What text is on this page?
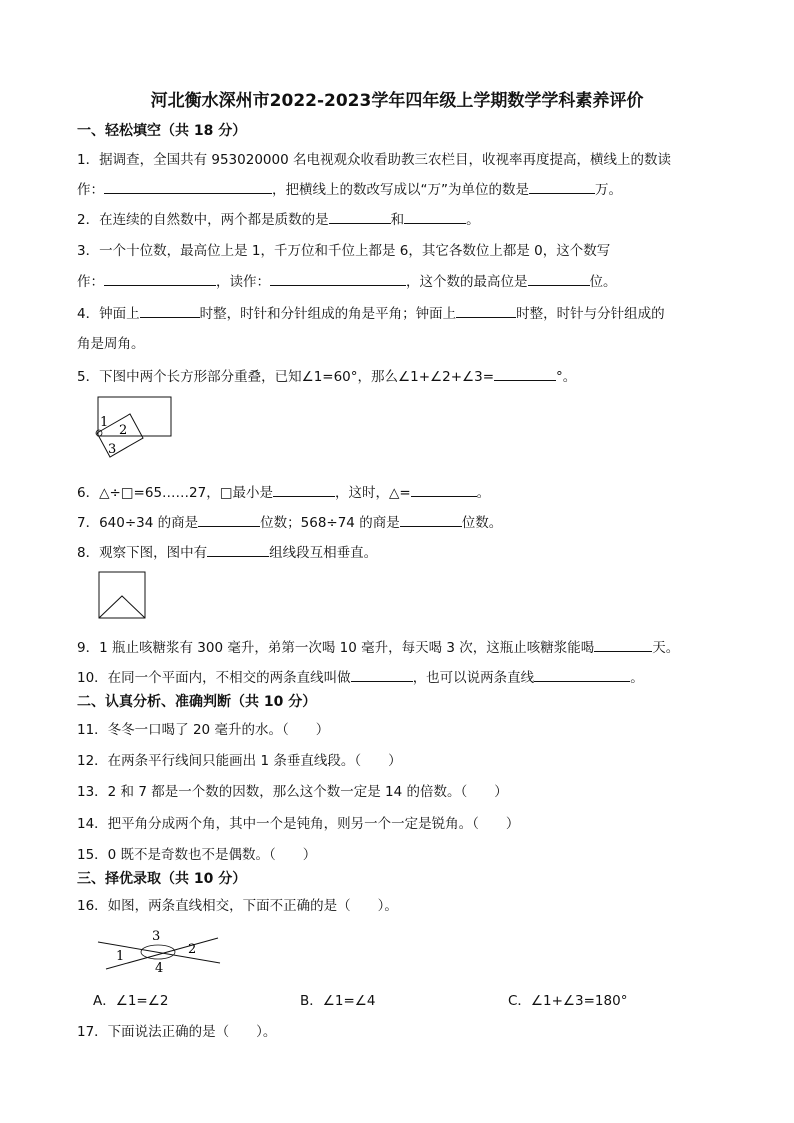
河北衡水深州市2022-2023学年四年级上学期数学学科素养评价
一、轻松填空（共 18 分）
1．据调查，全国共有 953020000 名电视观众收看助教三农栏目，收视率再度提高，横线上的数读
作：	，把横线上的数改写成以“万”为单位的数是	万。
2．在连续的自然数中，两个都是质数的是	和	。
3．一个十位数，最高位上是 1，千万位和千位上都是 6，其它各数位上都是 0，这个数写
作：	，读作：	，这个数的最高位是	位。
4．钟面上	时整，时针和分针组成的角是平角；钟面上	时整，时针与分针组成的
角是周角。
5．下图中两个长方形部分重叠，已知∠1=60°，那么∠1+∠2+∠3=	°。
1
2
3
6．△÷□=65……27，□最小是	，这时，△=	。
7．640÷34 的商是	位数；568÷74 的商是	位数。
8．观察下图，图中有	组线段互相垂直。
9．1 瓶止咳糖浆有 300 毫升，弟第一次喝 10 毫升，每天喝 3 次，这瓶止咳糖浆能喝	天。
10．在同一个平面内，不相交的两条直线叫做	，也可以说两条直线	。
二、认真分析、准确判断（共 10 分）
11．冬冬一口喝了 20 毫升的水。（　　）
12．在两条平行线间只能画出 1 条垂直线段。（　　）
13．2 和 7 都是一个数的因数，那么这个数一定是 14 的倍数。（　　）
14．把平角分成两个角，其中一个是钝角，则另一个一定是锐角。（　　）
15．0 既不是奇数也不是偶数。（　　）
三、择优录取（共 10 分）
16．如图，两条直线相交，下面不正确的是（　　）。
3
2
1
4
A．∠1=∠2	B．∠1=∠4	C．∠1+∠3=180°
17．下面说法正确的是（　　）。
